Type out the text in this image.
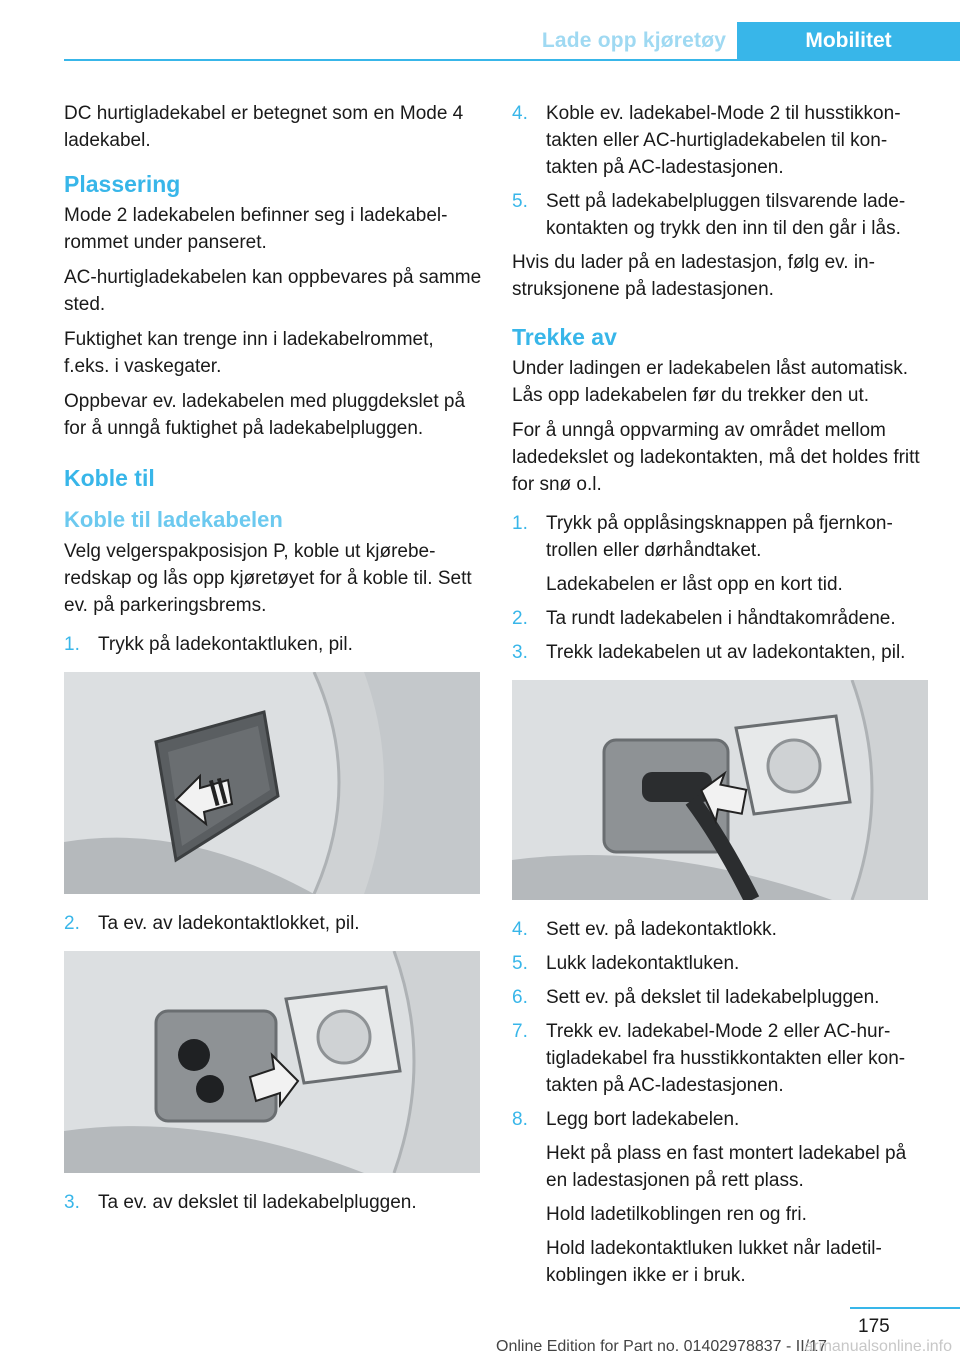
Lade opp kjøretøy	Mobilitet

DC hurtigladekabel er betegnet som en Mode 4 ladekabel.

Plassering

Mode 2 ladekabelen befinner seg i ladekabelrommet under panseret.

AC-hurtigladekabelen kan oppbevares på samme sted.

Fuktighet kan trenge inn i ladekabelrommet, f.eks. i vaskegater.

Oppbevar ev. ladekabelen med pluggdekslet på for å unngå fuktighet på ladekabelpluggen.

Koble til
Koble til ladekabelen

Velg velgerspakposisjon P, koble ut kjøreberedskap og lås opp kjøretøyet for å koble til. Sett ev. på parkeringsbrems.

1. Trykk på ladekontaktluken, pil.
2. Ta ev. av ladekontaktlokket, pil.
3. Ta ev. av dekslet til ladekabelpluggen.
4. Koble ev. ladekabel-Mode 2 til husstikkontakten eller AC-hurtigladekabelen til kontakten på AC-ladestasjonen.
5. Sett på ladekabelpluggen tilsvarende ladekontakten og trykk den inn til den går i lås.

Hvis du lader på en ladestasjon, følg ev. instruksjonene på ladestasjonen.

Trekke av

Under ladingen er ladekabelen låst automatisk. Lås opp ladekabelen før du trekker den ut.

For å unngå oppvarming av området mellom ladedekslet og ladekontakten, må det holdes fritt for snø o.l.

1. Trykk på opplåsingsknappen på fjernkontrollen eller dørhåndtaket.
Ladekabelen er låst opp en kort tid.
2. Ta rundt ladekabelen i håndtakområdene.
3. Trekk ladekabelen ut av ladekontakten, pil.
4. Sett ev. på ladekontaktlokk.
5. Lukk ladekontaktluken.
6. Sett ev. på dekslet til ladekabelpluggen.
7. Trekk ev. ladekabel-Mode 2 eller AC-hurtigladekabel fra husstikkontakten eller kontakten på AC-ladestasjonen.
8. Legg bort ladekabelen.
Hekt på plass en fast montert ladekabel på en ladestasjonen på rett plass.
Hold ladetilkoblingen ren og fri.
Hold ladekontaktluken lukket når ladetilkoblingen ikke er i bruk.
175
Online Edition for Part no. 01402978837 - II/17
armanualsonline.info
